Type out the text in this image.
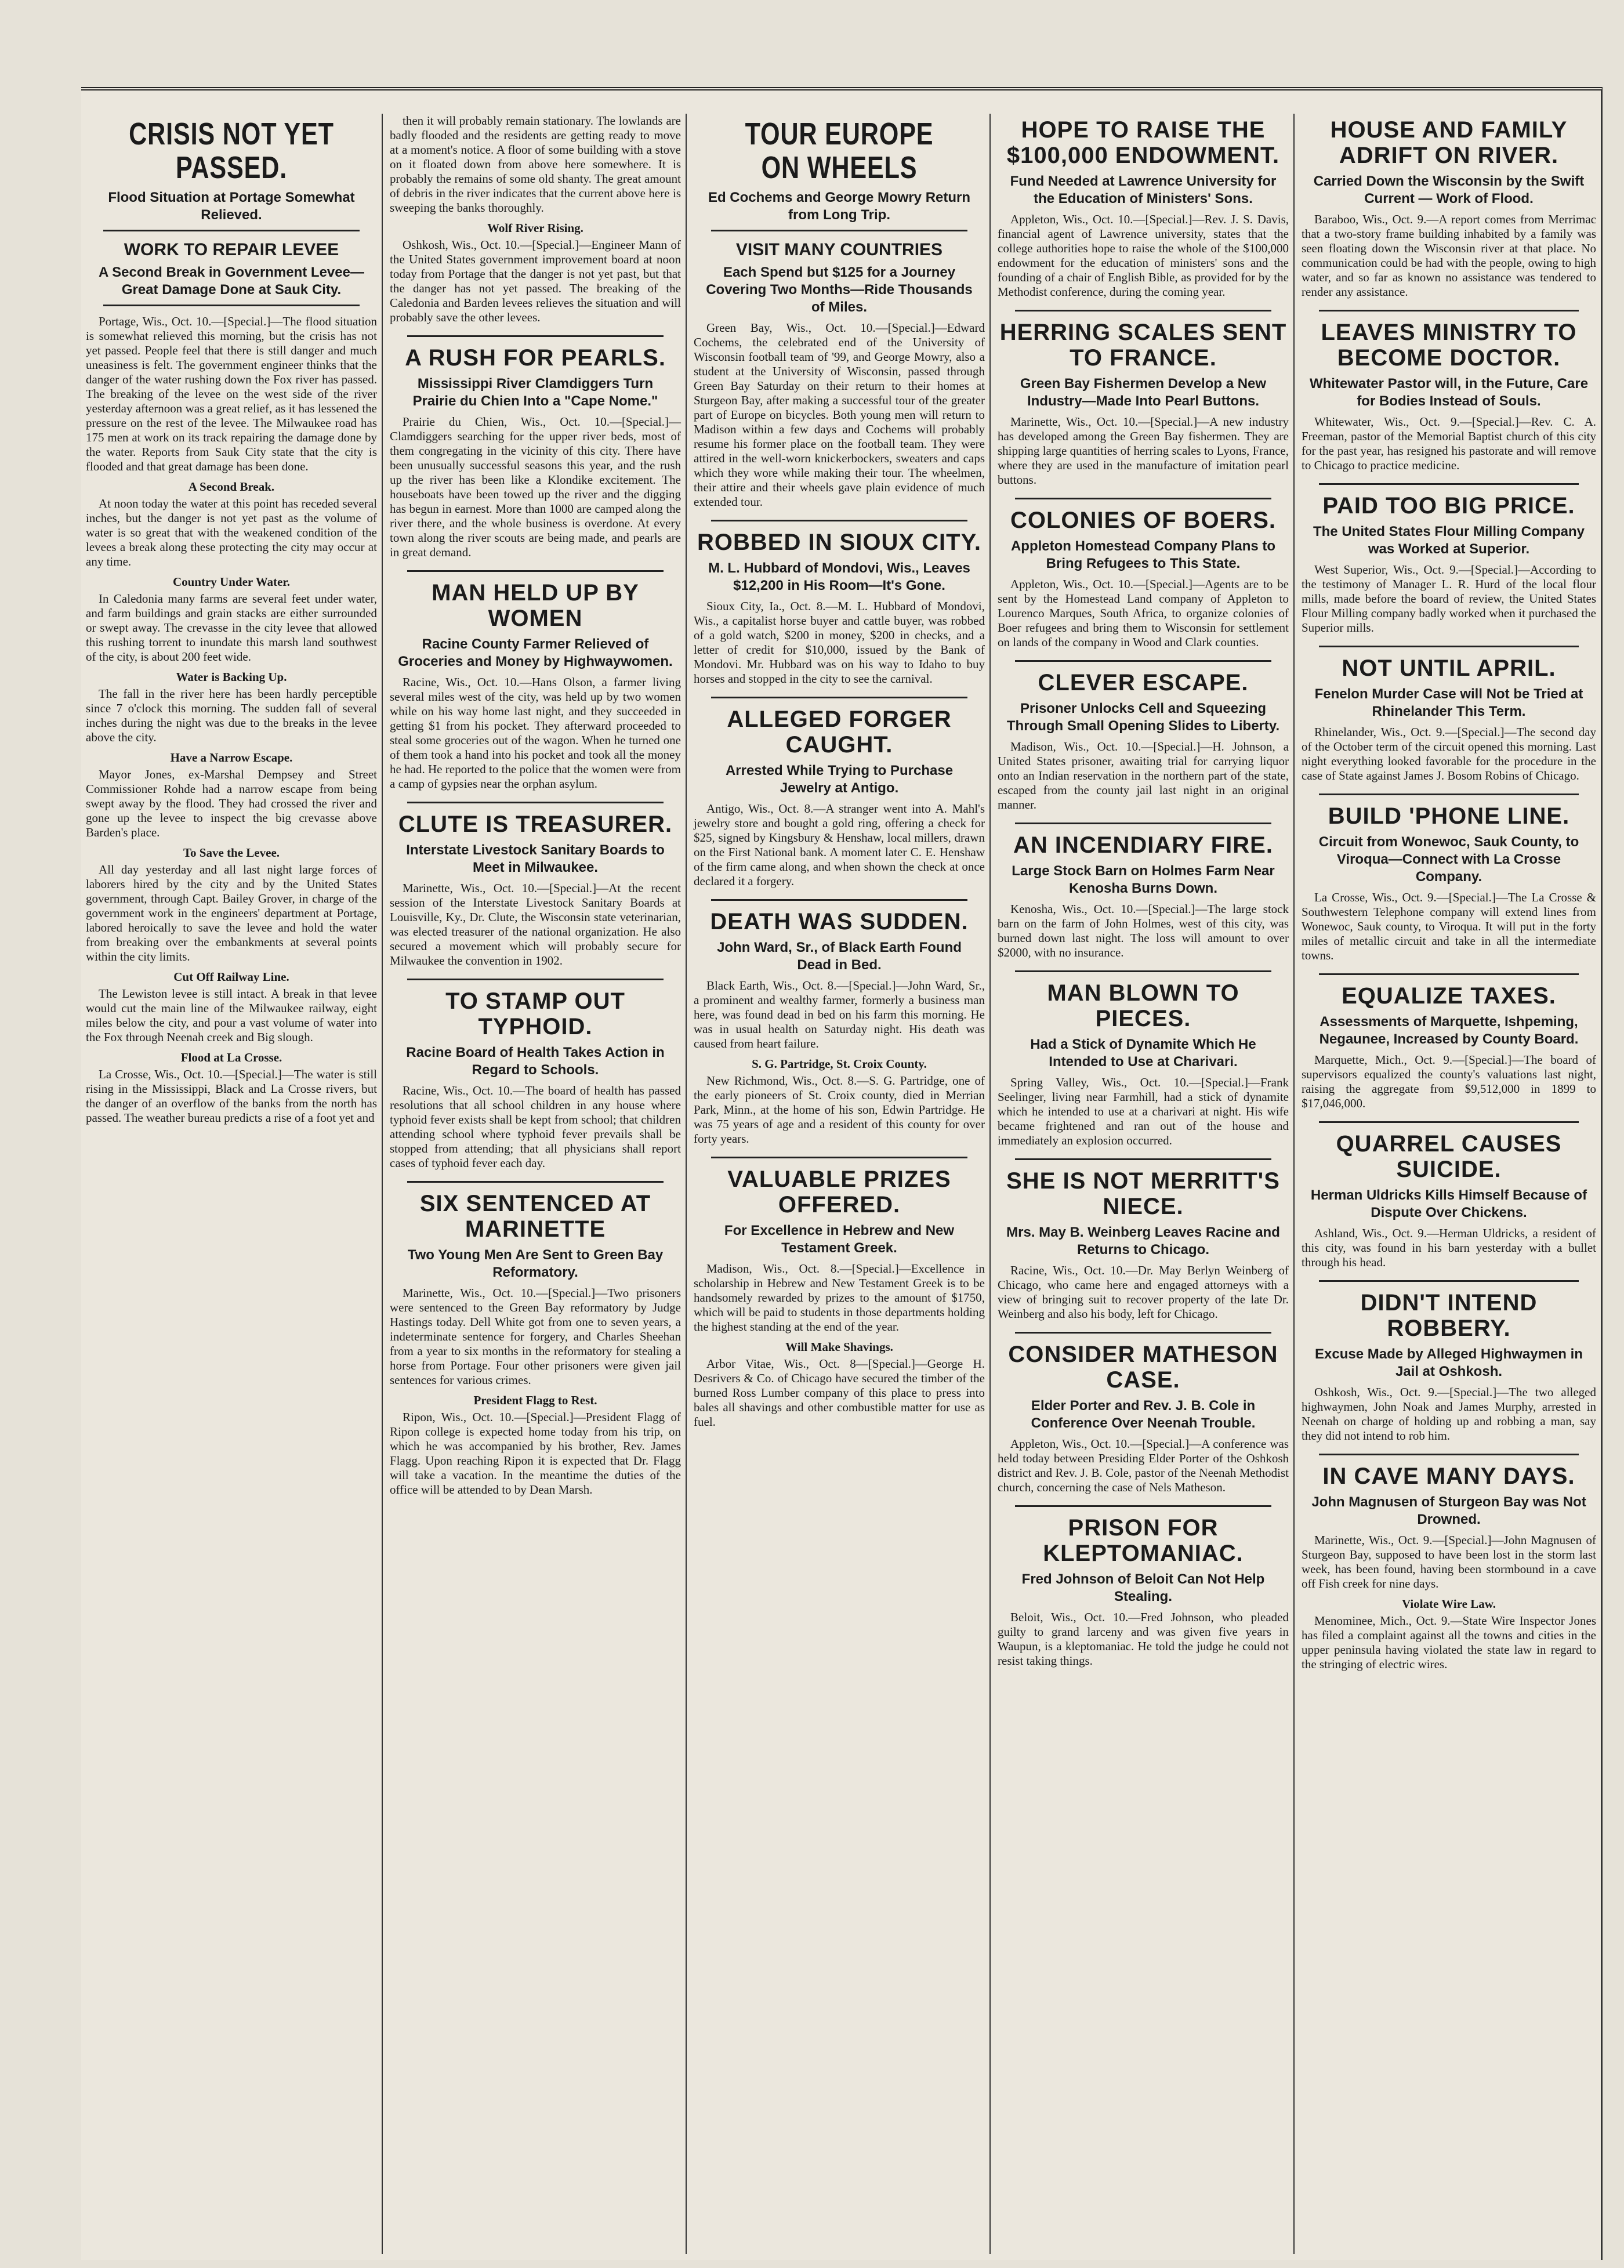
CRISIS NOT YET PASSED.
Flood Situation at Portage Somewhat Relieved.
WORK TO REPAIR LEVEE
A Second Break in Government Levee—Great Damage Done at Sauk City.

Portage, Wis., Oct. 10.—[Special.]—The flood situation is somewhat relieved this morning, but the crisis has not yet passed. People feel that there is still danger and much uneasiness is felt. The government engineer thinks that the danger of the water rushing down the Fox river has passed. The breaking of the levee on the west side of the river yesterday afternoon was a great relief, as it has lessened the pressure on the rest of the levee. The Milwaukee road has 175 men at work on its track repairing the damage done by the water. Reports from Sauk City state that the city is flooded and that great damage has been done.

A Second Break.

At noon today the water at this point has receded several inches, but the danger is not yet past as the volume of water is so great that with the weakened condition of the levees a break along these protecting the city may occur at any time.

Country Under Water.

In Caledonia many farms are several feet under water, and farm buildings and grain stacks are either surrounded or swept away. The crevasse in the city levee that allowed this rushing torrent to inundate this marsh land southwest of the city, is about 200 feet wide.

Water is Backing Up.

The fall in the river here has been hardly perceptible since 7 o'clock this morning. The sudden fall of several inches during the night was due to the breaks in the levee above the city.

Have a Narrow Escape.

Mayor Jones, ex-Marshal Dempsey and Street Commissioner Rohde had a narrow escape from being swept away by the flood. They had crossed the river and gone up the levee to inspect the big crevasse above Barden's place.

To Save the Levee.

All day yesterday and all last night large forces of laborers hired by the city and by the United States government, through Capt. Bailey Grover, in charge of the government work in the engineers' department at Portage, labored heroically to save the levee and hold the water from breaking over the embankments at several points within the city limits.

Cut Off Railway Line.

The Lewiston levee is still intact. A break in that levee would cut the main line of the Milwaukee railway, eight miles below the city, and pour a vast volume of water into the Fox through Neenah creek and Big slough.

Flood at La Crosse.

La Crosse, Wis., Oct. 10.—[Special.]—The water is still rising in the Mississippi, Black and La Crosse rivers, but the danger of an overflow of the banks from the north has passed. The weather bureau predicts a rise of a foot yet and

then it will probably remain stationary. The lowlands are badly flooded and the residents are getting ready to move at a moment's notice. A floor of some building with a stove on it floated down from above here somewhere. It is probably the remains of some old shanty. The great amount of debris in the river indicates that the current above here is sweeping the banks thoroughly.

Wolf River Rising.

Oshkosh, Wis., Oct. 10.—[Special.]—Engineer Mann of the United States government improvement board at noon today from Portage that the danger is not yet past, but that the danger has not yet passed. The breaking of the Caledonia and Barden levees relieves the situation and will probably save the other levees.

A RUSH FOR PEARLS.
Mississippi River Clamdiggers Turn Prairie du Chien Into a "Cape Nome."

Prairie du Chien, Wis., Oct. 10.—[Special.]—Clamdiggers searching for the upper river beds, most of them congregating in the vicinity of this city. There have been unusually successful seasons this year, and the rush up the river has been like a Klondike excitement. The houseboats have been towed up the river and the digging has begun in earnest. More than 1000 are camped along the river there, and the whole business is overdone. At every town along the river scouts are being made, and pearls are in great demand.

MAN HELD UP BY WOMEN
Racine County Farmer Relieved of Groceries and Money by Highwaywomen.

Racine, Wis., Oct. 10.—Hans Olson, a farmer living several miles west of the city, was held up by two women while on his way home last night, and they succeeded in getting $1 from his pocket. They afterward proceeded to steal some groceries out of the wagon. When he turned one of them took a hand into his pocket and took all the money he had. He reported to the police that the women were from a camp of gypsies near the orphan asylum.

CLUTE IS TREASURER.
Interstate Livestock Sanitary Boards to Meet in Milwaukee.

Marinette, Wis., Oct. 10.—[Special.]—At the recent session of the Interstate Livestock Sanitary Boards at Louisville, Ky., Dr. Clute, the Wisconsin state veterinarian, was elected treasurer of the national organization. He also secured a movement which will probably secure for Milwaukee the convention in 1902.

TO STAMP OUT TYPHOID.
Racine Board of Health Takes Action in Regard to Schools.

Racine, Wis., Oct. 10.—The board of health has passed resolutions that all school children in any house where typhoid fever exists shall be kept from school; that children attending school where typhoid fever prevails shall be stopped from attending; that all physicians shall report cases of typhoid fever each day.

SIX SENTENCED AT MARINETTE
Two Young Men Are Sent to Green Bay Reformatory.

Marinette, Wis., Oct. 10.—[Special.]—Two prisoners were sentenced to the Green Bay reformatory by Judge Hastings today. Dell White got from one to seven years, a indeterminate sentence for forgery, and Charles Sheehan from a year to six months in the reformatory for stealing a horse from Portage. Four other prisoners were given jail sentences for various crimes.

President Flagg to Rest.

Ripon, Wis., Oct. 10.—[Special.]—President Flagg of Ripon college is expected home today from his trip, on which he was accompanied by his brother, Rev. James Flagg. Upon reaching Ripon it is expected that Dr. Flagg will take a vacation. In the meantime the duties of the office will be attended to by Dean Marsh.

TOUR EUROPE ON WHEELS
Ed Cochems and George Mowry Return from Long Trip.
VISIT MANY COUNTRIES
Each Spend but $125 for a Journey Covering Two Months—Ride Thousands of Miles.

Green Bay, Wis., Oct. 10.—[Special.]—Edward Cochems, the celebrated end of the University of Wisconsin football team of '99, and George Mowry, also a student at the University of Wisconsin, passed through Green Bay Saturday on their return to their homes at Sturgeon Bay, after making a successful tour of the greater part of Europe on bicycles. Both young men will return to Madison within a few days and Cochems will probably resume his former place on the football team. They were attired in the well-worn knickerbockers, sweaters and caps which they wore while making their tour. The wheelmen, their attire and their wheels gave plain evidence of much extended tour.

ROBBED IN SIOUX CITY.
M. L. Hubbard of Mondovi, Wis., Leaves $12,200 in His Room—It's Gone.

Sioux City, Ia., Oct. 8.—M. L. Hubbard of Mondovi, Wis., a capitalist horse buyer and cattle buyer, was robbed of a gold watch, $200 in money, $200 in checks, and a letter of credit for $10,000, issued by the Bank of Mondovi. Mr. Hubbard was on his way to Idaho to buy horses and stopped in the city to see the carnival.

ALLEGED FORGER CAUGHT.
Arrested While Trying to Purchase Jewelry at Antigo.

Antigo, Wis., Oct. 8.—A stranger went into A. Mahl's jewelry store and bought a gold ring, offering a check for $25, signed by Kingsbury & Henshaw, local millers, drawn on the First National bank. A moment later C. E. Henshaw of the firm came along, and when shown the check at once declared it a forgery.

DEATH WAS SUDDEN.
John Ward, Sr., of Black Earth Found Dead in Bed.

Black Earth, Wis., Oct. 8.—[Special.]—John Ward, Sr., a prominent and wealthy farmer, formerly a business man here, was found dead in bed on his farm this morning. He was in usual health on Saturday night. His death was caused from heart failure.

S. G. Partridge, St. Croix County.

New Richmond, Wis., Oct. 8.—S. G. Partridge, one of the early pioneers of St. Croix county, died in Merrian Park, Minn., at the home of his son, Edwin Partridge. He was 75 years of age and a resident of this county for over forty years.

VALUABLE PRIZES OFFERED.
For Excellence in Hebrew and New Testament Greek.

Madison, Wis., Oct. 8.—[Special.]—Excellence in scholarship in Hebrew and New Testament Greek is to be handsomely rewarded by prizes to the amount of $1750, which will be paid to students in those departments holding the highest standing at the end of the year.

Will Make Shavings.

Arbor Vitae, Wis., Oct. 8—[Special.]—George H. Desrivers & Co. of Chicago have secured the timber of the burned Ross Lumber company of this place to press into bales all shavings and other combustible matter for use as fuel.

HOPE TO RAISE THE $100,000 ENDOWMENT.
Fund Needed at Lawrence University for the Education of Ministers' Sons.

Appleton, Wis., Oct. 10.—[Special.]—Rev. J. S. Davis, financial agent of Lawrence university, states that the college authorities hope to raise the whole of the $100,000 endowment for the education of ministers' sons and the founding of a chair of English Bible, as provided for by the Methodist conference, during the coming year.

HERRING SCALES SENT TO FRANCE.
Green Bay Fishermen Develop a New Industry—Made Into Pearl Buttons.

Marinette, Wis., Oct. 10.—[Special.]—A new industry has developed among the Green Bay fishermen. They are shipping large quantities of herring scales to Lyons, France, where they are used in the manufacture of imitation pearl buttons.

COLONIES OF BOERS.
Appleton Homestead Company Plans to Bring Refugees to This State.

Appleton, Wis., Oct. 10.—[Special.]—Agents are to be sent by the Homestead Land company of Appleton to Lourenco Marques, South Africa, to organize colonies of Boer refugees and bring them to Wisconsin for settlement on lands of the company in Wood and Clark counties.

CLEVER ESCAPE.
Prisoner Unlocks Cell and Squeezing Through Small Opening Slides to Liberty.

Madison, Wis., Oct. 10.—[Special.]—H. Johnson, a United States prisoner, awaiting trial for carrying liquor onto an Indian reservation in the northern part of the state, escaped from the county jail last night in an original manner.

AN INCENDIARY FIRE.
Large Stock Barn on Holmes Farm Near Kenosha Burns Down.

Kenosha, Wis., Oct. 10.—[Special.]—The large stock barn on the farm of John Holmes, west of this city, was burned down last night. The loss will amount to over $2000, with no insurance.

MAN BLOWN TO PIECES.
Had a Stick of Dynamite Which He Intended to Use at Charivari.

Spring Valley, Wis., Oct. 10.—[Special.]—Frank Seelinger, living near Farmhill, had a stick of dynamite which he intended to use at a charivari at night. His wife became frightened and ran out of the house and immediately an explosion occurred.

SHE IS NOT MERRITT'S NIECE.
Mrs. May B. Weinberg Leaves Racine and Returns to Chicago.

Racine, Wis., Oct. 10.—Dr. May Berlyn Weinberg of Chicago, who came here and engaged attorneys with a view of bringing suit to recover property of the late Dr. Weinberg and also his body, left for Chicago.

CONSIDER MATHESON CASE.
Elder Porter and Rev. J. B. Cole in Conference Over Neenah Trouble.

Appleton, Wis., Oct. 10.—[Special.]—A conference was held today between Presiding Elder Porter of the Oshkosh district and Rev. J. B. Cole, pastor of the Neenah Methodist church, concerning the case of Nels Matheson.

PRISON FOR KLEPTOMANIAC.
Fred Johnson of Beloit Can Not Help Stealing.

Beloit, Wis., Oct. 10.—Fred Johnson, who pleaded guilty to grand larceny and was given five years in Waupun, is a kleptomaniac. He told the judge he could not resist taking things.

HOUSE AND FAMILY ADRIFT ON RIVER.
Carried Down the Wisconsin by the Swift Current — Work of Flood.

Baraboo, Wis., Oct. 9.—A report comes from Merrimac that a two-story frame building inhabited by a family was seen floating down the Wisconsin river at that place. No communication could be had with the people, owing to high water, and so far as known no assistance was tendered to render any assistance.

LEAVES MINISTRY TO BECOME DOCTOR.
Whitewater Pastor will, in the Future, Care for Bodies Instead of Souls.

Whitewater, Wis., Oct. 9.—[Special.]—Rev. C. A. Freeman, pastor of the Memorial Baptist church of this city for the past year, has resigned his pastorate and will remove to Chicago to practice medicine.

PAID TOO BIG PRICE.
The United States Flour Milling Company was Worked at Superior.

West Superior, Wis., Oct. 9.—[Special.]—According to the testimony of Manager L. R. Hurd of the local flour mills, made before the board of review, the United States Flour Milling company badly worked when it purchased the Superior mills.

NOT UNTIL APRIL.
Fenelon Murder Case will Not be Tried at Rhinelander This Term.

Rhinelander, Wis., Oct. 9.—[Special.]—The second day of the October term of the circuit opened this morning. Last night everything looked favorable for the procedure in the case of State against James J. Bosom Robins of Chicago.

BUILD 'PHONE LINE.
Circuit from Wonewoc, Sauk County, to Viroqua—Connect with La Crosse Company.

La Crosse, Wis., Oct. 9.—[Special.]—The La Crosse & Southwestern Telephone company will extend lines from Wonewoc, Sauk county, to Viroqua. It will put in the forty miles of metallic circuit and take in all the intermediate towns.

EQUALIZE TAXES.
Assessments of Marquette, Ishpeming, Negaunee, Increased by County Board.

Marquette, Mich., Oct. 9.—[Special.]—The board of supervisors equalized the county's valuations last night, raising the aggregate from $9,512,000 in 1899 to $17,046,000.

QUARREL CAUSES SUICIDE.
Herman Uldricks Kills Himself Because of Dispute Over Chickens.

Ashland, Wis., Oct. 9.—Herman Uldricks, a resident of this city, was found in his barn yesterday with a bullet through his head.

DIDN'T INTEND ROBBERY.
Excuse Made by Alleged Highwaymen in Jail at Oshkosh.

Oshkosh, Wis., Oct. 9.—[Special.]—The two alleged highwaymen, John Noak and James Murphy, arrested in Neenah on charge of holding up and robbing a man, say they did not intend to rob him.

IN CAVE MANY DAYS.
John Magnusen of Sturgeon Bay was Not Drowned.

Marinette, Wis., Oct. 9.—[Special.]—John Magnusen of Sturgeon Bay, supposed to have been lost in the storm last week, has been found, having been stormbound in a cave off Fish creek for nine days.

Violate Wire Law.

Menominee, Mich., Oct. 9.—State Wire Inspector Jones has filed a complaint against all the towns and cities in the upper peninsula having violated the state law in regard to the stringing of electric wires.
